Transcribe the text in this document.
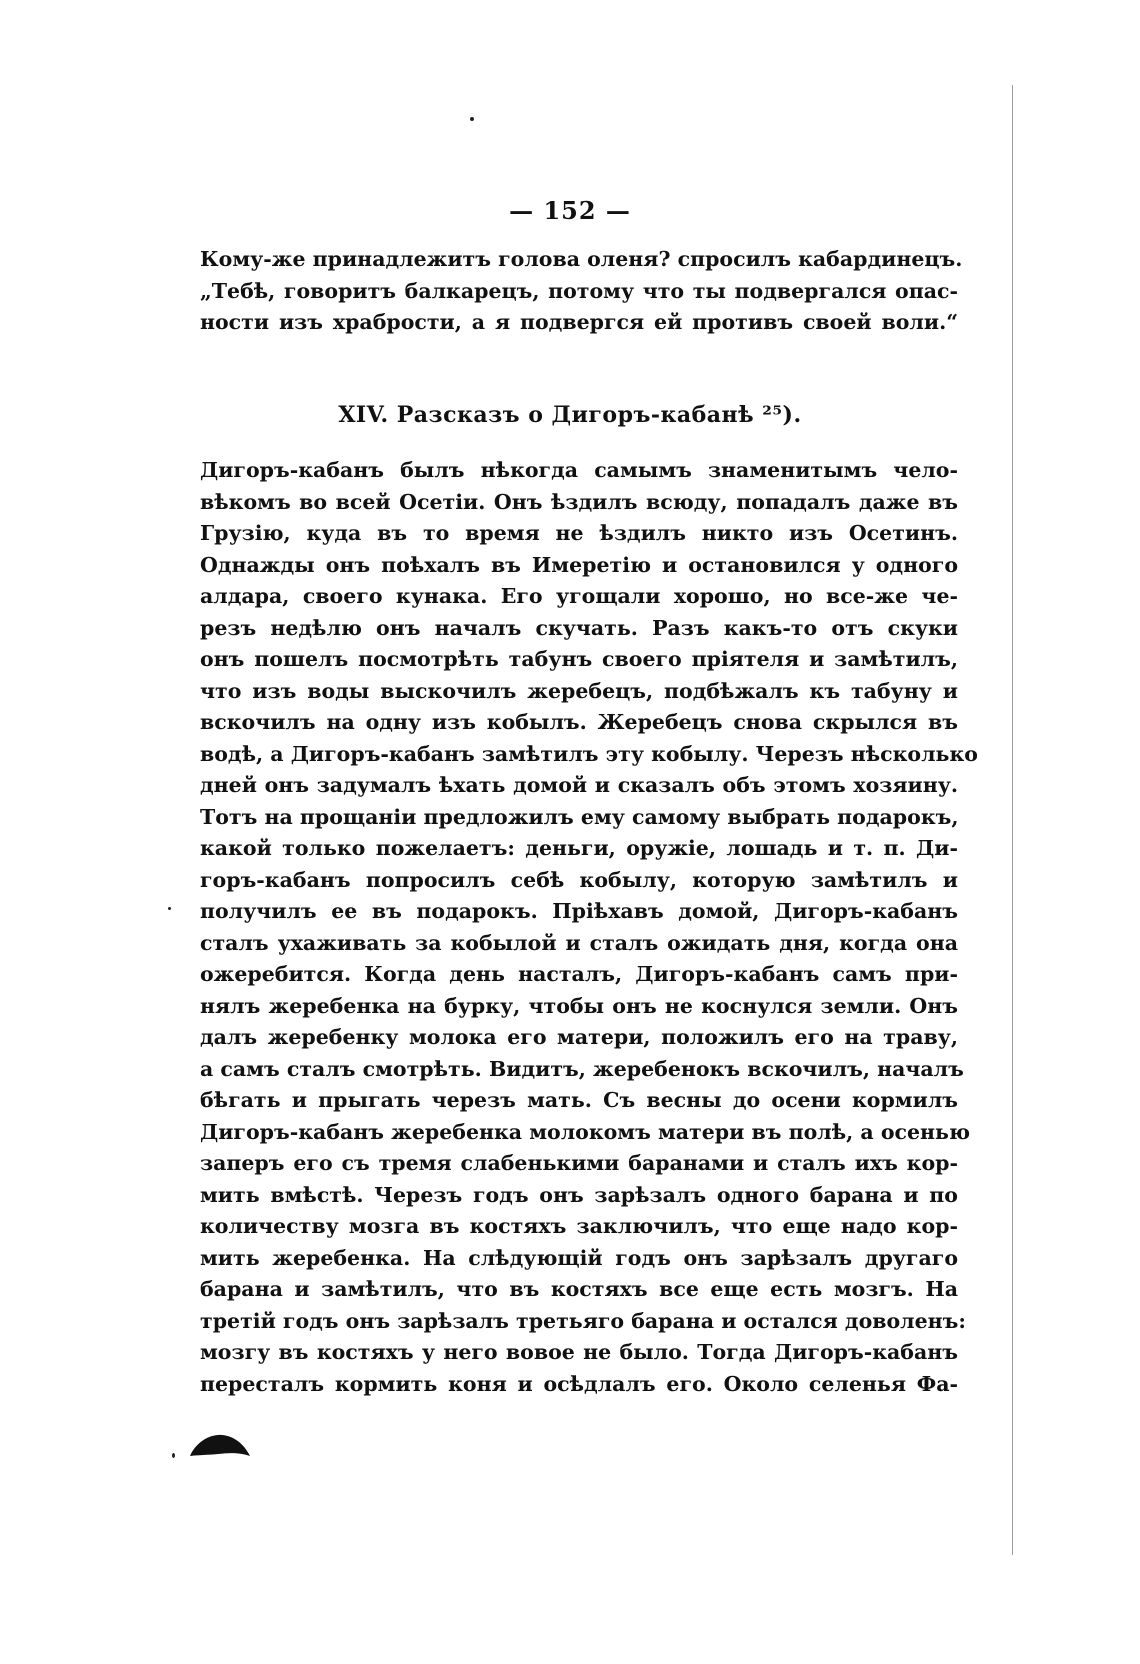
— 152 —
Кому-же принадлежитъ голова оленя? спросилъ кабардинецъ.
„Тебѣ, говоритъ балкарецъ, потому что ты подвергался опас-
ности изъ храбрости, а я подвергся ей противъ своей воли.“
XIV. Разсказъ о Дигоръ-кабанѣ ²⁵).
Дигоръ-кабанъ былъ нѣкогда самымъ знаменитымъ чело-
вѣкомъ во всей Осетіи. Онъ ѣздилъ всюду, попадалъ даже въ
Грузію, куда въ то время не ѣздилъ никто изъ Осетинъ.
Однажды онъ поѣхалъ въ Имеретію и остановился у одного
алдара, своего кунака. Его угощали хорошо, но все-же че-
резъ недѣлю онъ началъ скучать. Разъ какъ-то отъ скуки
онъ пошелъ посмотрѣть табунъ своего пріятеля и замѣтилъ,
что изъ воды выскочилъ жеребецъ, подбѣжалъ къ табуну и
вскочилъ на одну изъ кобылъ. Жеребецъ снова скрылся въ
водѣ, а Дигоръ-кабанъ замѣтилъ эту кобылу. Черезъ нѣсколько
дней онъ задумалъ ѣхать домой и сказалъ объ этомъ хозяину.
Тотъ на прощаніи предложилъ ему самому выбрать подарокъ,
какой только пожелаетъ: деньги, оружіе, лошадь и т. п. Ди-
горъ-кабанъ попросилъ себѣ кобылу, которую замѣтилъ и
получилъ ее въ подарокъ. Пріѣхавъ домой, Дигоръ-кабанъ
сталъ ухаживать за кобылой и сталъ ожидать дня, когда она
ожеребится. Когда день насталъ, Дигоръ-кабанъ самъ при-
нялъ жеребенка на бурку, чтобы онъ не коснулся земли. Онъ
далъ жеребенку молока его матери, положилъ его на траву,
а самъ сталъ смотрѣть. Видитъ, жеребенокъ вскочилъ, началъ
бѣгать и прыгать черезъ мать. Съ весны до осени кормилъ
Дигоръ-кабанъ жеребенка молокомъ матери въ полѣ, а осенью
заперъ его съ тремя слабенькими баранами и сталъ ихъ кор-
мить вмѣстѣ. Черезъ годъ онъ зарѣзалъ одного барана и по
количеству мозга въ костяхъ заключилъ, что еще надо кор-
мить жеребенка. На слѣдующій годъ онъ зарѣзалъ другаго
барана и замѣтилъ, что въ костяхъ все еще есть мозгъ. На
третій годъ онъ зарѣзалъ третьяго барана и остался доволенъ:
мозгу въ костяхъ у него вовое не было. Тогда Дигоръ-кабанъ
пересталъ кормить коня и осѣдлалъ его. Около селенья Фа-
